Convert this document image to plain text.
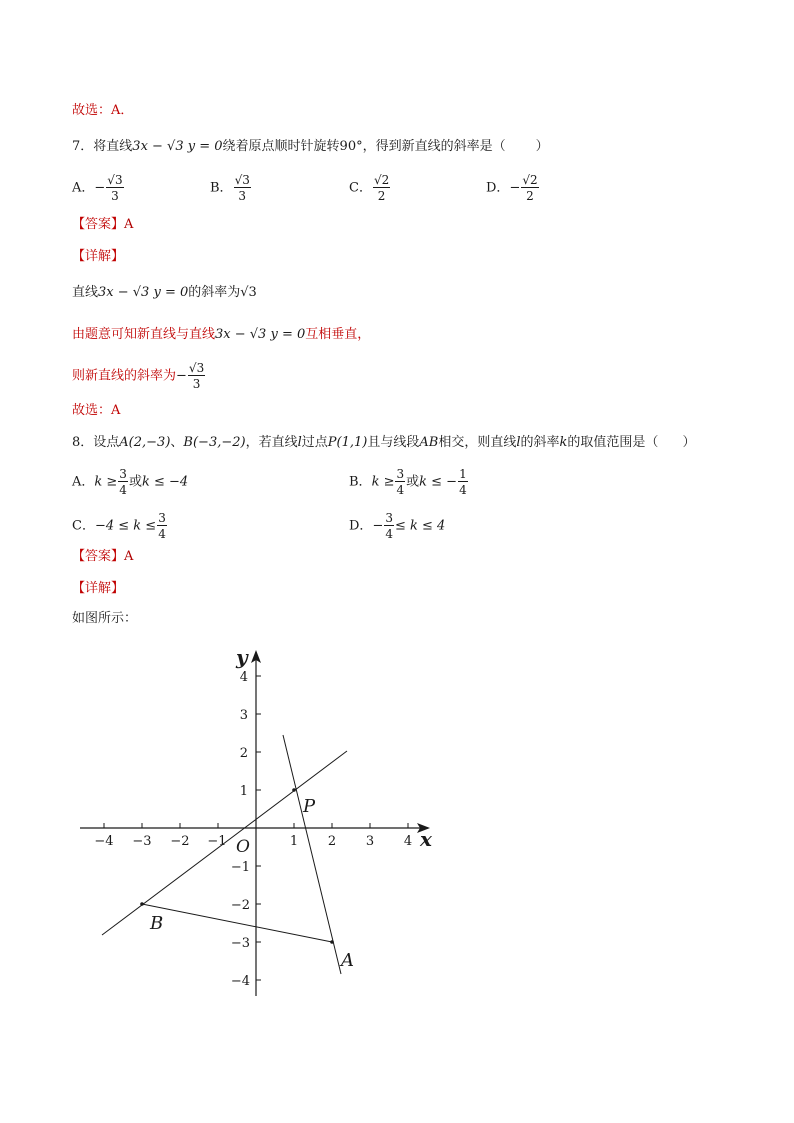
故选：A．
7．将直线3x − √3 y = 0绕着原点顺时针旋转90°，得到新直线的斜率是（ ）
A．− $\frac{√3}{3}$	B． $\frac{√3}{3}$	C． $\frac{√2}{2}$	D．− $\frac{√2}{2}$
【答案】A
【详解】
直线3x − √3 y = 0的斜率为√3
由题意可知新直线与直线3x − √3 y = 0互相垂直，
则新直线的斜率为− $\frac{√3}{3}$
故选：A
8．设点A(2,−3)、B(−3,−2)，若直线l过点P(1,1)且与线段AB相交，则直线l的斜率k的取值范围是（ ）
A．$k \ge \frac{3}{4}$ 或k ≤ −4	B．$k \ge \frac{3}{4}$ 或k ≤ − $\frac{1}{4}$
C．$-4 \le k \le \frac{3}{4}$	D．− $\frac{3}{4} \le k \le 4$
【答案】A
【详解】
如图所示：
−4 −3 −2 −1	1 2 3 4
4
3
2
1
−1
−2
−3
−4
x
y
O
P
A
B
